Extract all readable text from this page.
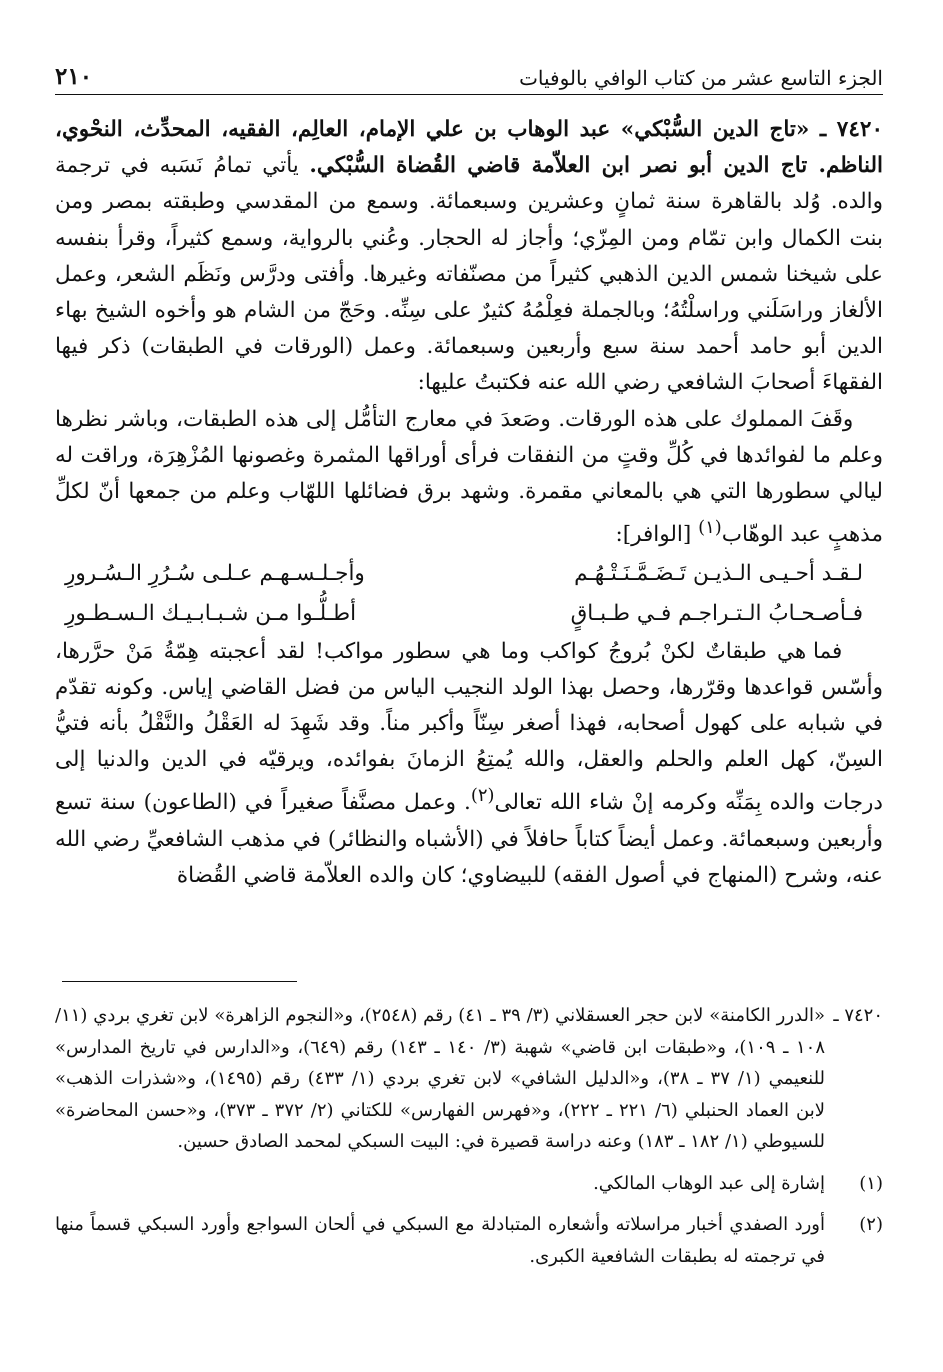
الجزء التاسع عشر من كتاب الوافي بالوفيات
٢١٠

٧٤٢٠ ـ «تاج الدين السُّبْكي» عبد الوهاب بن علي الإمام، العالِم، الفقيه، المحدِّث، النحْوي، الناظم. تاج الدين أبو نصر ابن العلاّمة قاضي القُضاة السُّبْكي. يأتي تمامُ نَسَبه في ترجمة والده. وُلد بالقاهرة سنة ثمانٍ وعشرين وسبعمائة. وسمع من المقدسي وطبقته بمصر ومن بنت الكمال وابن تمّام ومن المِزّي؛ وأجاز له الحجار. وعُني بالرواية، وسمع كثيراً، وقرأ بنفسه على شيخنا شمس الدين الذهبي كثيراً من مصنّفاته وغيرها. وأفتى ودرَّس ونَظَم الشعر، وعمل الألغاز وراسَلَني وراسلْتُهُ؛ وبالجملة فعِلْمُهُ كثيرٌ على سِنِّه. وحَجّ من الشام هو وأخوه الشيخ بهاء الدين أبو حامد أحمد سنة سبع وأربعين وسبعمائة. وعمل (الورقات في الطبقات) ذكر فيها الفقهاءَ أصحابَ الشافعي رضي الله عنه فكتبتُ عليها:

وقَفَ المملوك على هذه الورقات. وصَعدَ في معارج التأمُّل إلى هذه الطبقات، وباشر نظرها وعلم ما لفوائدها في كُلِّ وقتٍ من النفقات فرأى أوراقها المثمرة وغصونها المُزْهِرَة، وراقت له ليالي سطورها التي هي بالمعاني مقمرة. وشهد برق فضائلها اللهّاب وعلم من جمعها أنّ لكلِّ مذهبٍ عبد الوهّاب$^{(١)}$ [الوافر]:

لـقـد أحـيـى الـذيـن تَـضَـمَّـنَـتْـهُـم
وأجـلـسـهـم عـلـى سُـرُرِ الـسُـرورِ
فـأصـحـابُ الـتـراجـم فـي طـبـاقٍ
أطـلُّـوا مـن شـبـابـيـك الـسـطـورِ

فما هي طبقاتٌ لكنْ بُروجُ كواكب وما هي سطور مواكب! لقد أعجبته هِمّةُ مَنْ حرَّرها، وأسّس قواعدها وقرّرها، وحصل بهذا الولد النجيب الياس من فضل القاضي إياس. وكونه تقدّم في شبابه على كهول أصحابه، فهذا أصغر سِنّاً وأكبر مناً. وقد شَهِدَ له العَقْلُ والنَّقْلُ بأنه فتيُّ السِنّ، كهل العلم والحلم والعقل، والله يُمتِعُ الزمانَ بفوائده، ويرقيّه في الدين والدنيا إلى درجات والده بِمَنِّه وكرمه إنْ شاء الله تعالى$^{(٢)}$. وعمل مصنَّفاً صغيراً في (الطاعون) سنة تسع وأربعين وسبعمائة. وعمل أيضاً كتاباً حافلاً في (الأشباه والنظائر) في مذهب الشافعيِّ رضي الله عنه، وشرح (المنهاج في أصول الفقه) للبيضاوي؛ كان والده العلاّمة قاضي القُضاة

٧٤٢٠ ـ
«الدرر الكامنة» لابن حجر العسقلاني (٣/ ٣٩ ـ ٤١) رقم (٢٥٤٨)، و«النجوم الزاهرة» لابن تغري بردي (١١/ ١٠٨ ـ ١٠٩)، و«طبقات ابن قاضي» شهبة (٣/ ١٤٠ ـ ١٤٣) رقم (٦٤٩)، و«الدارس في تاريخ المدارس» للنعيمي (١/ ٣٧ ـ ٣٨)، و«الدليل الشافي» لابن تغري بردي (١/ ٤٣٣) رقم (١٤٩٥)، و«شذرات الذهب» لابن العماد الحنبلي (٦/ ٢٢١ ـ ٢٢٢)، و«فهرس الفهارس» للكتاني (٢/ ٣٧٢ ـ ٣٧٣)، و«حسن المحاضرة» للسيوطي (١/ ١٨٢ ـ ١٨٣) وعنه دراسة قصيرة في: البيت السبكي لمحمد الصادق حسين.
(١)
إشارة إلى عبد الوهاب المالكي.
(٢)
أورد الصفدي أخبار مراسلاته وأشعاره المتبادلة مع السبكي في ألحان السواجع وأورد السبكي قسماً منها في ترجمته له بطبقات الشافعية الكبرى.
